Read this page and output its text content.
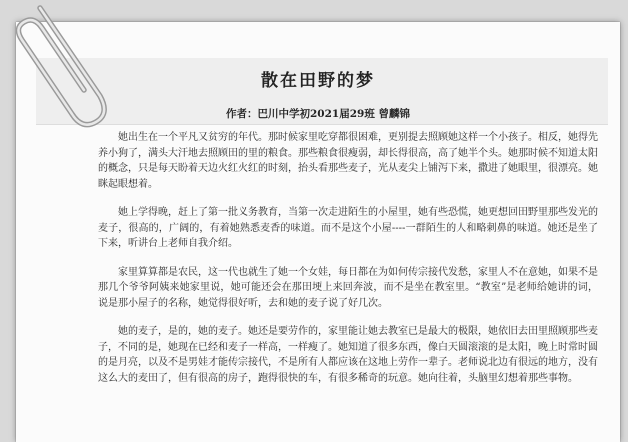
散在田野的梦
作者：巴川中学初2021届29班 曾麟锦

她出生在一个平凡又贫穷的年代。那时候家里吃穿都很困难，更别提去照顾她这样一个小孩子。相反，她得先养小狗了，满头大汗地去照顾田的里的粮食。那些粮食很瘦弱，却长得很高，高了她半个头。她那时候不知道太阳的概念，只是每天盼着天边火红火红的时刻，抬头看那些麦子，光从麦尖上铺泻下来，撒进了她眼里，很漂亮。她眯起眼想着。

她上学得晚，赶上了第一批义务教育，当第一次走进陌生的小屋里，她有些恐慌，她更想回田野里那些发光的麦子，很高的，广阔的，有着她熟悉麦香的味道。而不是这个小屋----一群陌生的人和略刺鼻的味道。她还是坐了下来，听讲台上老师自我介绍。

家里算算都是农民，这一代也就生了她一个女娃，每日都在为如何传宗接代发愁，家里人不在意她，如果不是那几个爷爷阿姨来她家里说，她可能还会在那田埂上来回奔波，而不是坐在教室里。“教室”是老师给她讲的词，说是那小屋子的名称，她觉得很好听，去和她的麦子说了好几次。

她的麦子，是的，她的麦子。她还是要劳作的，家里能让她去教室已是最大的极限，她依旧去田里照顾那些麦子，不同的是，她现在已经和麦子一样高，一样瘦了。她知道了很多东西，像白天圆滚滚的是太阳，晚上时常时圆的是月亮，以及不是男娃才能传宗接代，不是所有人都应该在这地上劳作一辈子。老师说北边有很远的地方，没有这么大的麦田了，但有很高的房子，跑得很快的车，有很多稀奇的玩意。她向往着，头脑里幻想着那些事物。
